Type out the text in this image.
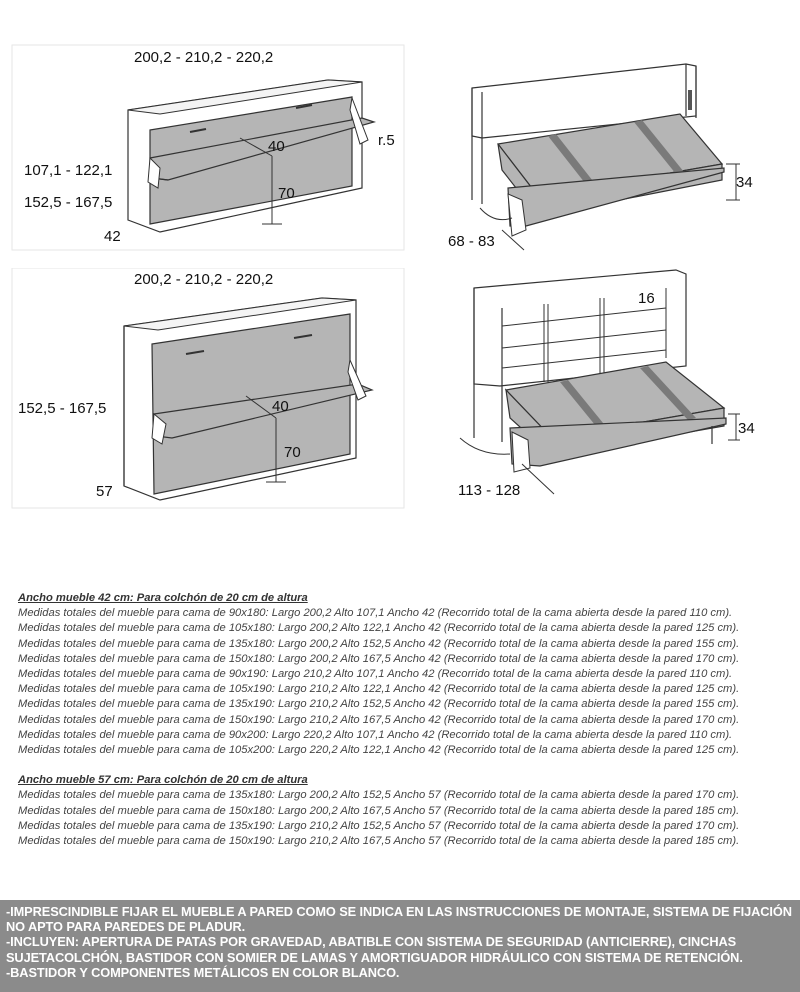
200,2 - 210,2 - 220,2
107,1 - 122,1
152,5 - 167,5
42
r.5
40
70
34
68 - 83
200,2 - 210,2 - 220,2
152,5 - 167,5
57
40
70
16
34
113 - 128
Ancho mueble 42 cm: Para colchón de 20 cm de altura
Medidas totales del mueble para cama de 90x180: Largo 200,2 Alto 107,1 Ancho 42 (Recorrido total de la cama abierta desde la pared 110 cm).
Medidas totales del mueble para cama de 105x180: Largo 200,2 Alto 122,1 Ancho 42 (Recorrido total de la cama abierta desde la pared 125 cm).
Medidas totales del mueble para cama de 135x180: Largo 200,2 Alto 152,5 Ancho 42 (Recorrido total de la cama abierta desde la pared 155 cm).
Medidas totales del mueble para cama de 150x180: Largo 200,2 Alto 167,5 Ancho 42 (Recorrido total de la cama abierta desde la pared 170 cm).
Medidas totales del mueble para cama de 90x190: Largo 210,2 Alto 107,1 Ancho 42 (Recorrido total de la cama abierta desde la pared 110 cm).
Medidas totales del mueble para cama de 105x190: Largo 210,2 Alto 122,1 Ancho 42 (Recorrido total de la cama abierta desde la pared 125 cm).
Medidas totales del mueble para cama de 135x190: Largo 210,2 Alto 152,5 Ancho 42 (Recorrido total de la cama abierta desde la pared 155 cm).
Medidas totales del mueble para cama de 150x190: Largo 210,2 Alto 167,5 Ancho 42 (Recorrido total de la cama abierta desde la pared 170 cm).
Medidas totales del mueble para cama de 90x200: Largo 220,2 Alto 107,1 Ancho 42 (Recorrido total de la cama abierta desde la pared 110 cm).
Medidas totales del mueble para cama de 105x200: Largo 220,2 Alto 122,1 Ancho 42 (Recorrido total de la cama abierta desde la pared 125 cm).
Ancho mueble 57 cm: Para colchón de 20 cm de altura
Medidas totales del mueble para cama de 135x180: Largo 200,2 Alto 152,5 Ancho 57 (Recorrido total de la cama abierta desde la pared 170 cm).
Medidas totales del mueble para cama de 150x180: Largo 200,2 Alto 167,5 Ancho 57 (Recorrido total de la cama abierta desde la pared 185 cm).
Medidas totales del mueble para cama de 135x190: Largo 210,2 Alto 152,5 Ancho 57 (Recorrido total de la cama abierta desde la pared 170 cm).
Medidas totales del mueble para cama de 150x190: Largo 210,2 Alto 167,5 Ancho 57 (Recorrido total de la cama abierta desde la pared 185 cm).
-IMPRESCINDIBLE FIJAR EL MUEBLE A PARED COMO SE INDICA EN LAS INSTRUCCIONES DE MONTAJE, SISTEMA DE FIJACIÓN NO APTO PARA PAREDES DE PLADUR.
-INCLUYEN: APERTURA DE PATAS POR GRAVEDAD, ABATIBLE CON SISTEMA DE SEGURIDAD (ANTICIERRE), CINCHAS SUJETACOLCHÓN, BASTIDOR CON SOMIER DE LAMAS Y AMORTIGUADOR HIDRÁULICO CON SISTEMA DE RETENCIÓN.
-BASTIDOR Y COMPONENTES METÁLICOS EN COLOR BLANCO.
